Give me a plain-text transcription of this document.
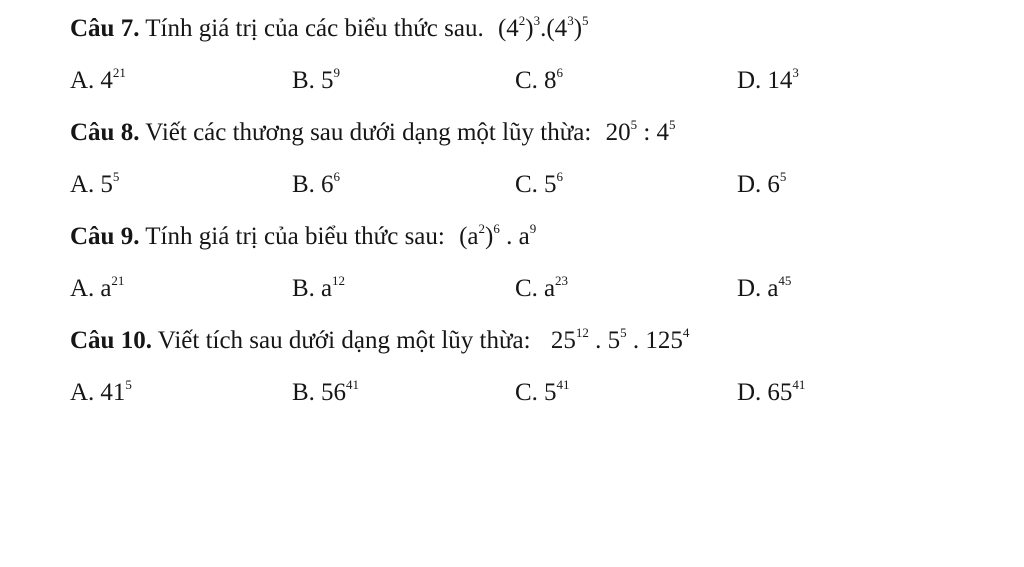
Câu 7. Tính giá trị của các biểu thức sau. $(4^2)^3.(4^3)^5$
A. $4^{21}$	B. $5^9$	C. $8^6$	D. $14^3$
Câu 8. Viết các thương sau dưới dạng một lũy thừa: $20^5$ : $4^5$
A. $5^5$	B. $6^6$	C. $5^6$	D. $6^5$
Câu 9. Tính giá trị của biểu thức sau: $(a^2)^6$ . $a^9$
A. $a^{21}$	B. $a^{12}$	C. $a^{23}$	D. $a^{45}$
Câu 10. Viết tích sau dưới dạng một lũy thừa: $25^{12}$ . $5^5$ . $125^4$
A. $41^5$	B. $56^{41}$	C. $5^{41}$	D. $65^{41}$
